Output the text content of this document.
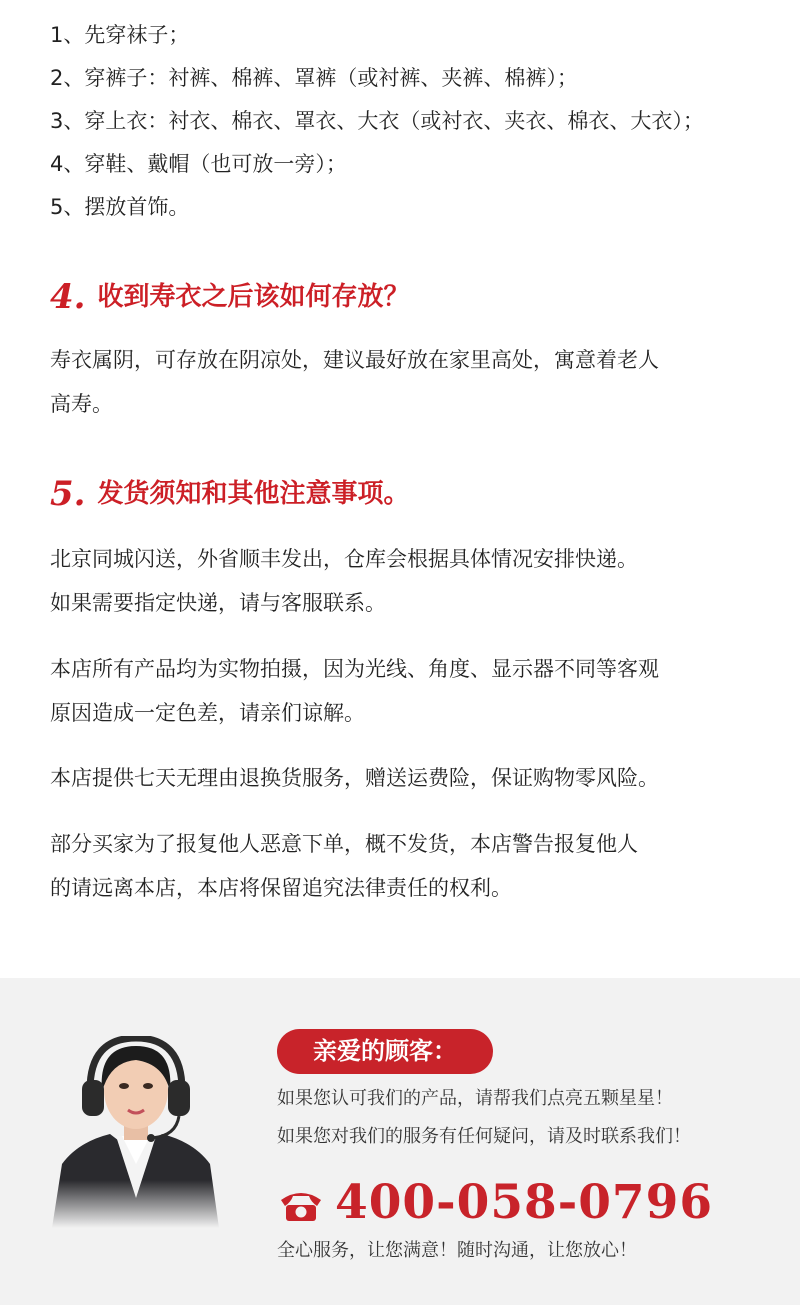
1、先穿袜子；
2、穿裤子：衬裤、棉裤、罩裤（或衬裤、夹裤、棉裤）；
3、穿上衣：衬衣、棉衣、罩衣、大衣（或衬衣、夹衣、棉衣、大衣）；
4、穿鞋、戴帽（也可放一旁）；
5、摆放首饰。
4. 收到寿衣之后该如何存放？
寿衣属阴，可存放在阴凉处，建议最好放在家里高处，寓意着老人
高寿。
5. 发货须知和其他注意事项。
北京同城闪送，外省顺丰发出，仓库会根据具体情况安排快递。
如果需要指定快递，请与客服联系。
本店所有产品均为实物拍摄，因为光线、角度、显示器不同等客观
原因造成一定色差，请亲们谅解。
本店提供七天无理由退换货服务，赠送运费险，保证购物零风险。
部分买家为了报复他人恶意下单，概不发货，本店警告报复他人
的请远离本店，本店将保留追究法律责任的权利。
亲爱的顾客：
如果您认可我们的产品，请帮我们点亮五颗星星！
如果您对我们的服务有任何疑问，请及时联系我们！
400-058-0796
全心服务，让您满意！随时沟通，让您放心！
